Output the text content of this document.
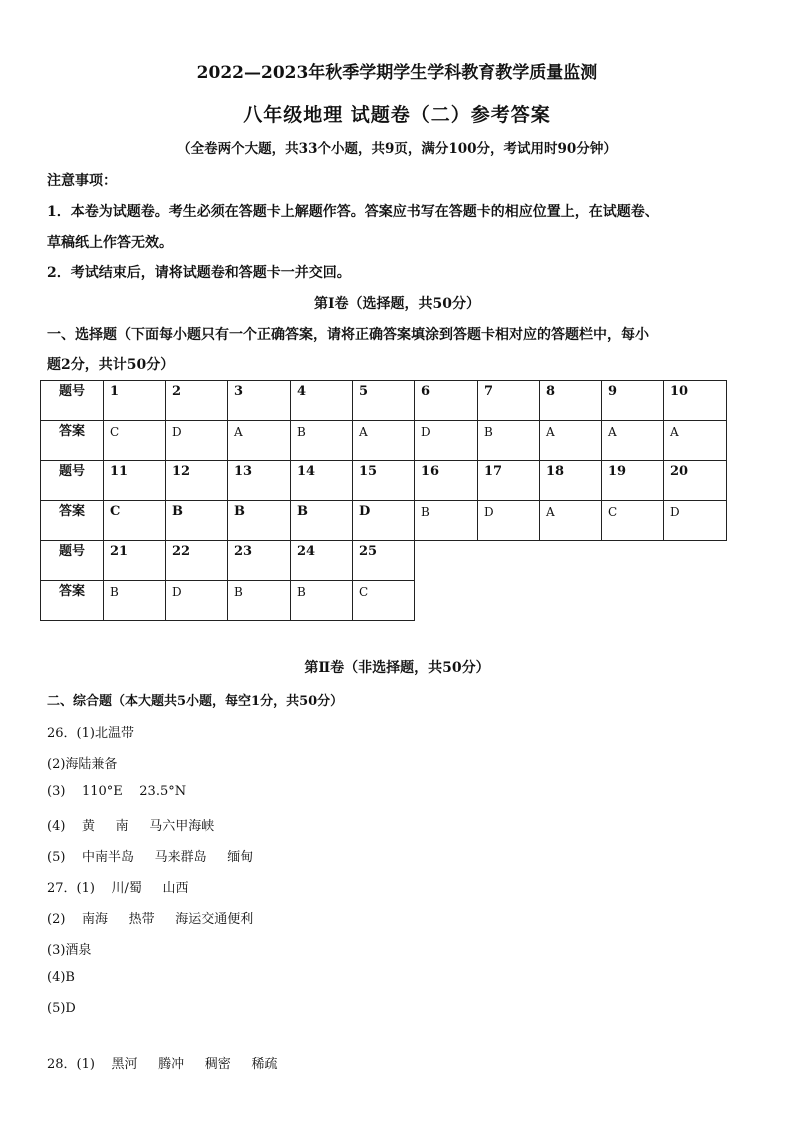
2022—2023年秋季学期学生学科教育教学质量监测
八年级地理 试题卷（二）参考答案
（全卷两个大题，共33个小题，共9页，满分100分，考试用时90分钟）
注意事项：
1．本卷为试题卷。考生必须在答题卡上解题作答。答案应书写在答题卡的相应位置上，在试题卷、
草稿纸上作答无效。
2．考试结束后，请将试题卷和答题卡一并交回。
第Ⅰ卷（选择题，共50分）
一、选择题（下面每小题只有一个正确答案，请将正确答案填涂到答题卡相对应的答题栏中，每小
题2分，共计50分）
题号	1	2	3	4	5	6	7	8	9	10
答案	C	D	A	B	A	D	B	A	A	A
题号	11	12	13	14	15	16	17	18	19	20
答案	C	B	B	B	D	B	D	A	C	D
题号	21	22	23	24	25					
答案	B	D	B	B	C					
第Ⅱ卷（非选择题，共50分）
二、综合题（本大题共5小题，每空1分，共50分）
26．(1)北温带
(2)海陆兼备
(3)    110°E    23.5°N
(4)    黄     南     马六甲海峡
(5)    中南半岛     马来群岛     缅甸
27．(1)    川/蜀     山西
(2)    南海     热带     海运交通便利
(3)酒泉
(4)B
(5)D
28．(1)    黑河     腾冲     稠密     稀疏
